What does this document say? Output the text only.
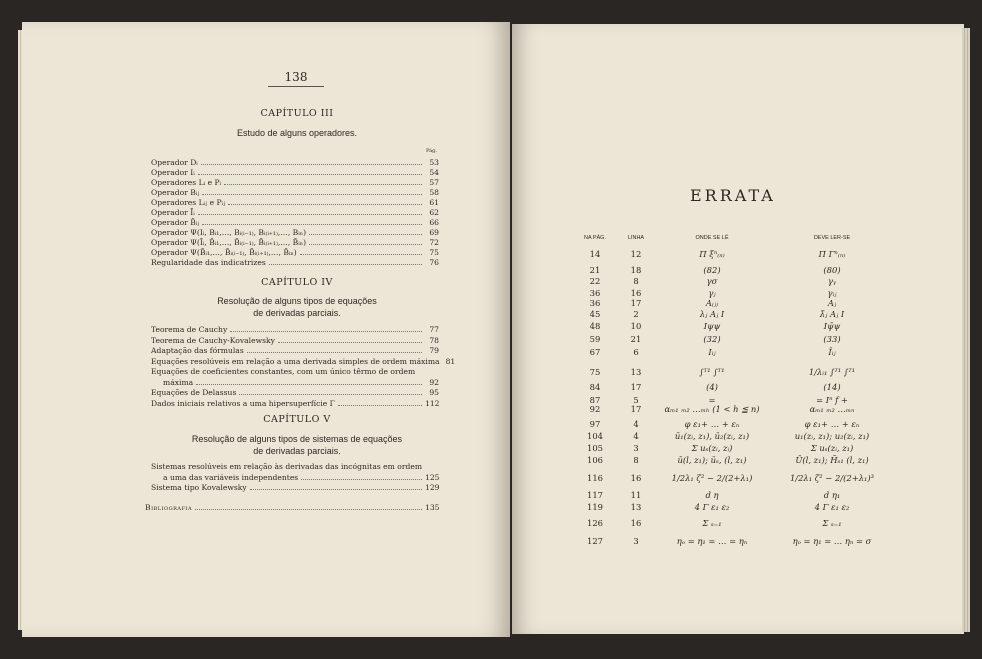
138
CAPÍTULO III
Estudo de alguns operadores.
Pág.
Operador Dᵢ	53
Operador Iᵢ	54
Operadores Lᵢ e Pᵢ	57
Operador Bᵢⱼ	58
Operadores Lᵢⱼ e Pᵢⱼ	61
Operador Īᵢ	62
Operador B̄ᵢⱼ	66
Operador Ψ(Iᵢ, Bᵢ₁,…, Bᵢ₍ᵢ₋₁₎, Bᵢ₍ᵢ₊₁₎,…, Bᵢₙ)	69
Operador Ψ(Īᵢ, B̄ᵢ₁,…, B̄ᵢ₍ᵢ₋₁₎, B̄ᵢ₍ᵢ₊₁₎,…, B̄ᵢₙ)	72
Operador Ψ(B̄ᵢ₁,…, B̄ᵢ₍ᵢ₋₁₎, B̄ᵢ₍ᵢ₊₁₎,…, B̄ᵢₙ)	75
Regularidade das indicatrizes	76
CAPÍTULO IV
Resolução de alguns tipos de equações
de derivadas parciais.
Teorema de Cauchy	77
Teorema de Cauchy-Kovalewsky	78
Adaptação das fórmulas	79
Equações resolúveis em relação a uma derivada simples de ordem máxima 81
Equações de coeficientes constantes, com um único têrmo de ordem
máxima	92
Equações de Delassus	95
Dados iniciais relativos a uma hipersuperfície Γ	112
CAPÍTULO V
Resolução de alguns tipos de sistemas de equações
de derivadas parciais.
Sistemas resolúveis em relação às derivadas das incógnitas em ordem
a uma das variáveis independentes	125
Sistema tipo Kovalewsky	129
Bibliografia	135
ERRATA
NA PÁG.	LINHA	ONDE SE LÊ	DEVE LER-SE
14	12	Π ξⁿ₍ₙ₎	Π Γⁿ₍ₙ₎
21	18	(82)	(80)
22	8	γσ	γᵧ
36	16	γⱼ	γᵢⱼ
36	17	A₍ⱼ₎	Aⱼ
45	2	λⱼ Aⱼ I	λ̄ⱼ Aⱼ I
48	10	Iψψ	Iψ̄ψ
59	21	(32)	(33)
67	6	Iᵢⱼ	Īᵢⱼ
75	13	∫ᵀ¹ ∫ᵀ¹	1/λᵢ₁ ∫ᵀ¹ ∫ᵀ¹
84	17	(4)	(14)
87	5	=	= Iⁿ f +
92	17	αₘ₁ ₘ₂ …ₘₕ (1 < h ≦ n)	αₘ₁ ₘ₂ …ₘₙ
97	4	φ ε₁+ … + εₙ	φ ε₁+ … + εₙ
104	4	ū₁(zᵢ, z₁), ū₂(zᵢ, z₁)	u₁(zᵢ, z₁); u₂(zᵢ, z₁)
105	3	Σ uₛ(zᵢ, zᵢ)	Σ uₛ(zᵢ, z₁)
106	8	ū(l, z₁); ūₛ, (l, z₁)	Ū(l, z₁); H̄ₛ₁ (l, z₁)
116	16	1/2λ₁ ζ² − 2/(2+λ₁)	1/2λ₁ ζ² − 2/(2+λ₁)³
117	11	d η	d η₁
119	13	4 Γ ε₁ ε₂	4 Γ ε₁ ε₂
126	16	Σ ₛ₌₁	Σ ₛ₌₁
127	3	ηₒ = η₁ = … = ηₙ	ηₒ = η₁ = … ηₙ = σ
